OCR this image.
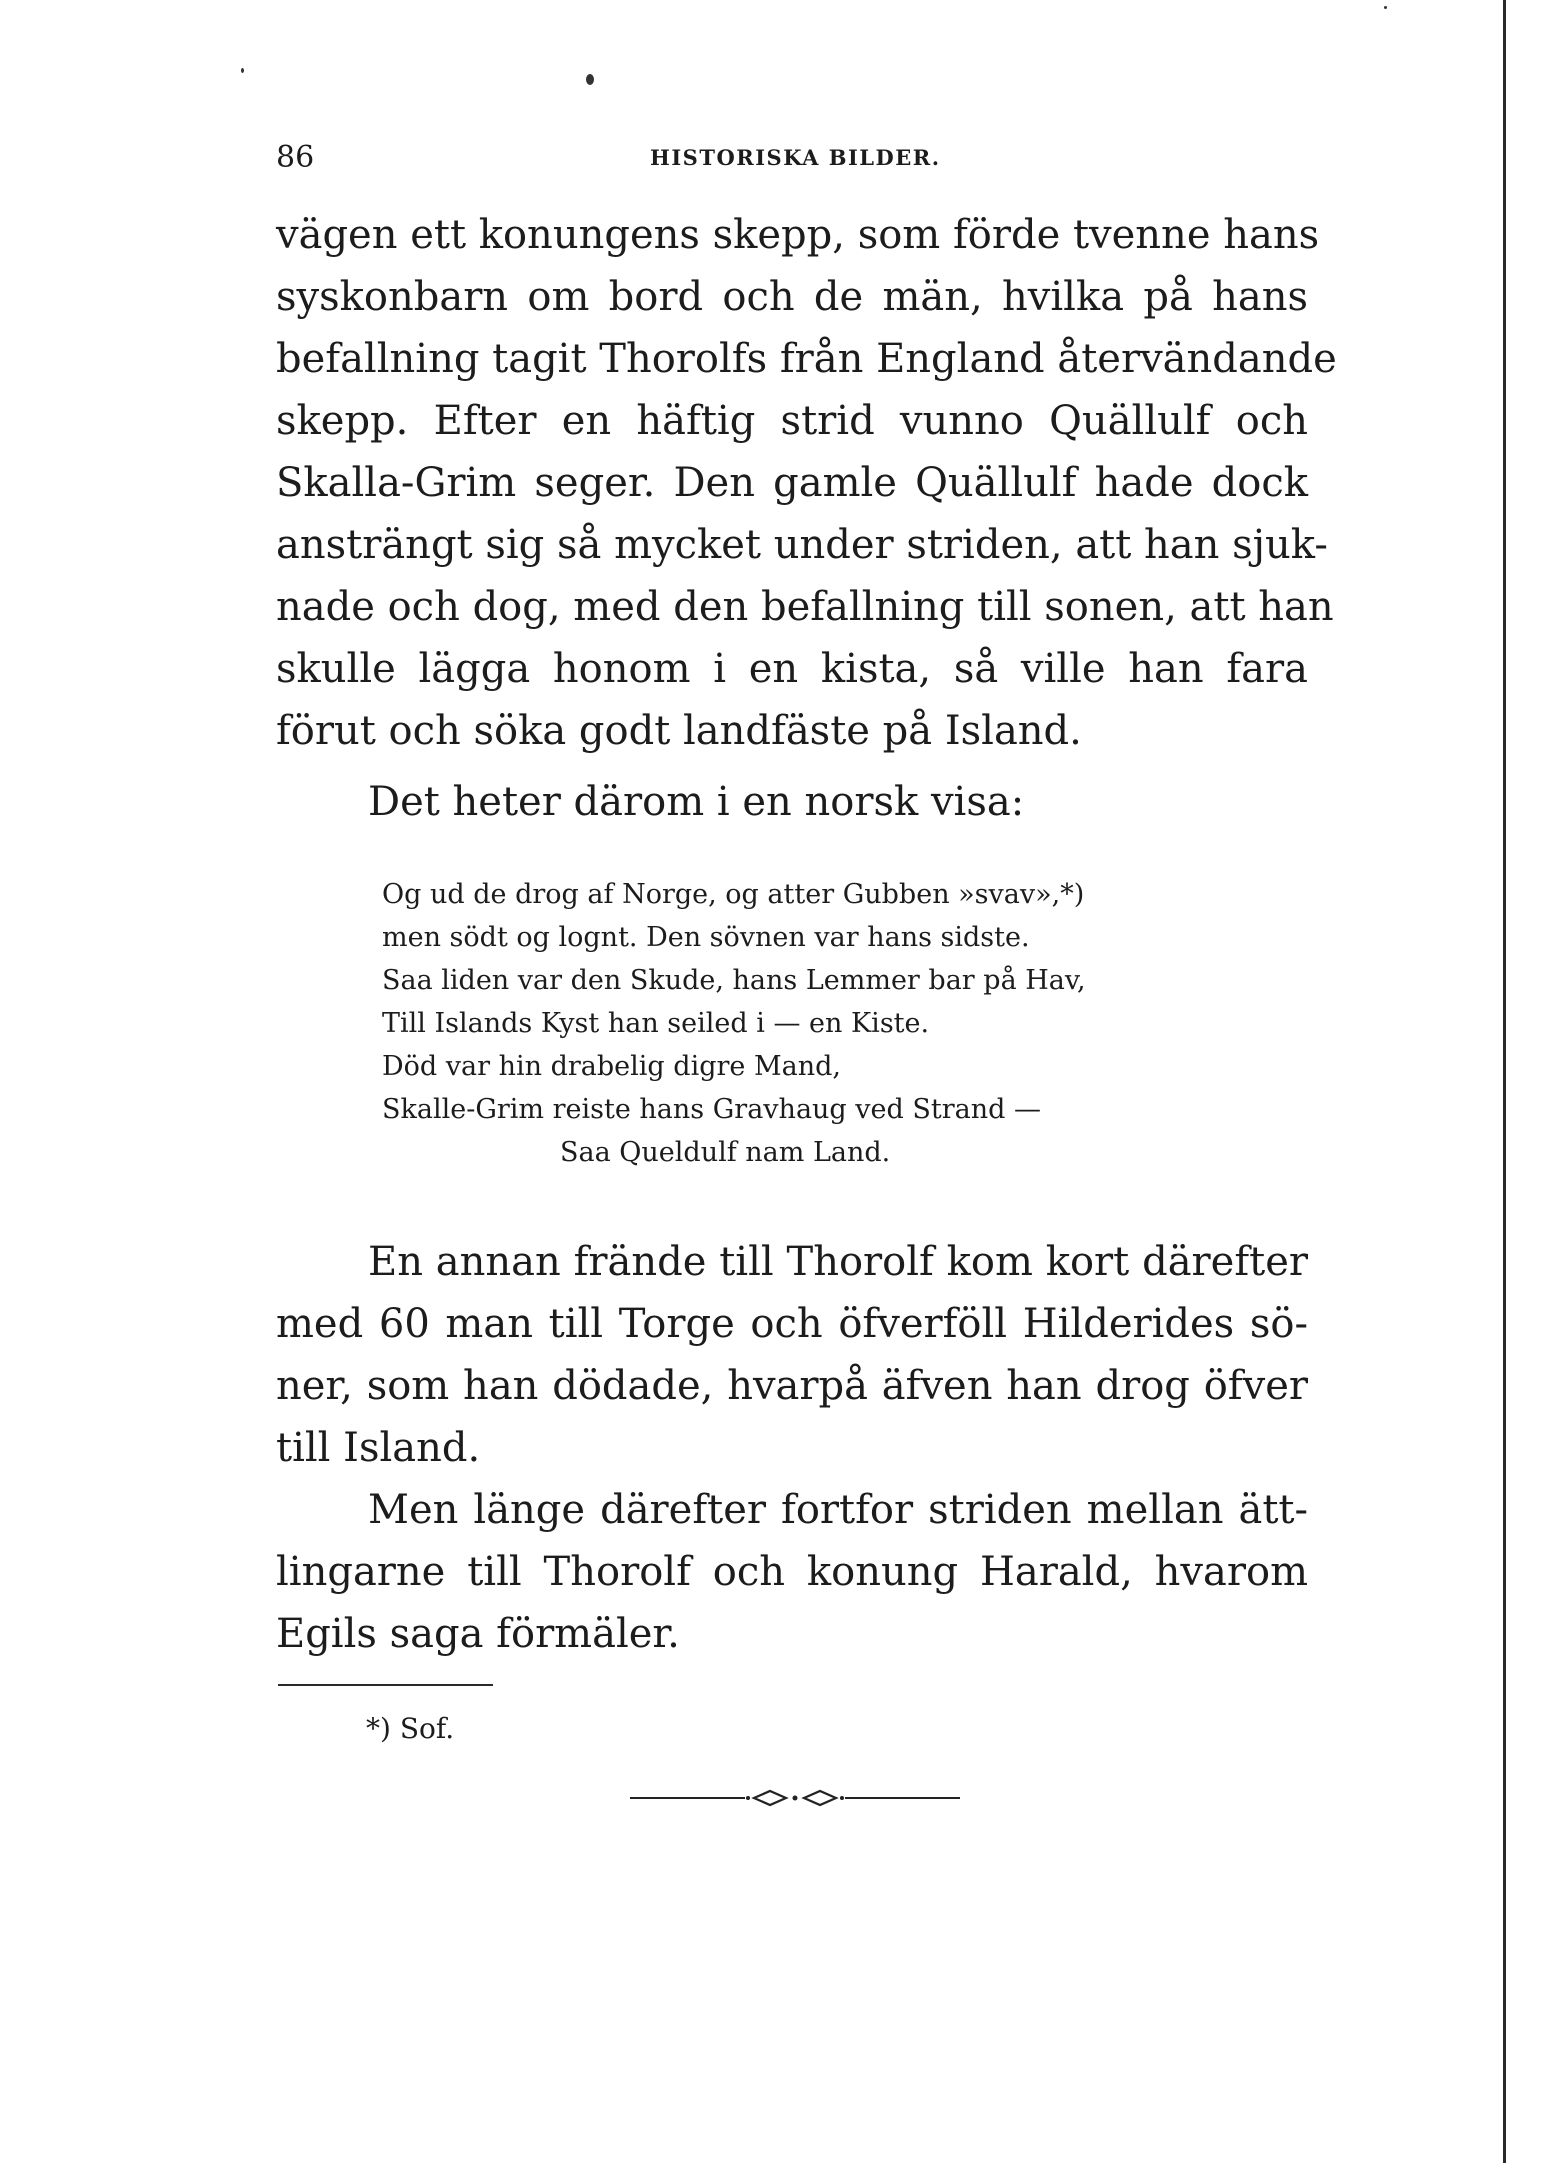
86	HISTORISKA BILDER.
vägen ett konungens skepp, som förde tvenne hans
syskonbarn om bord och de män, hvilka på hans
befallning tagit Thorolfs från England återvändande
skepp. Efter en häftig strid vunno Quällulf och
Skalla-Grim seger. Den gamle Quällulf hade dock
ansträngt sig så mycket under striden, att han sjuk-
nade och dog, med den befallning till sonen, att han
skulle lägga honom i en kista, så ville han fara
förut och söka godt landfäste på Island.
Det heter därom i en norsk visa:
Og ud de drog af Norge, og atter Gubben »svav»,*)
men södt og lognt. Den sövnen var hans sidste.
Saa liden var den Skude, hans Lemmer bar på Hav,
Till Islands Kyst han seiled i — en Kiste.
Död var hin drabelig digre Mand,
Skalle-Grim reiste hans Gravhaug ved Strand —
Saa Queldulf nam Land.
En annan frände till Thorolf kom kort därefter
med 60 man till Torge och öfverföll Hilderides sö-
ner, som han dödade, hvarpå äfven han drog öfver
till Island.
Men länge därefter fortfor striden mellan ätt-
lingarne till Thorolf och konung Harald, hvarom
Egils saga förmäler.
*) Sof.
